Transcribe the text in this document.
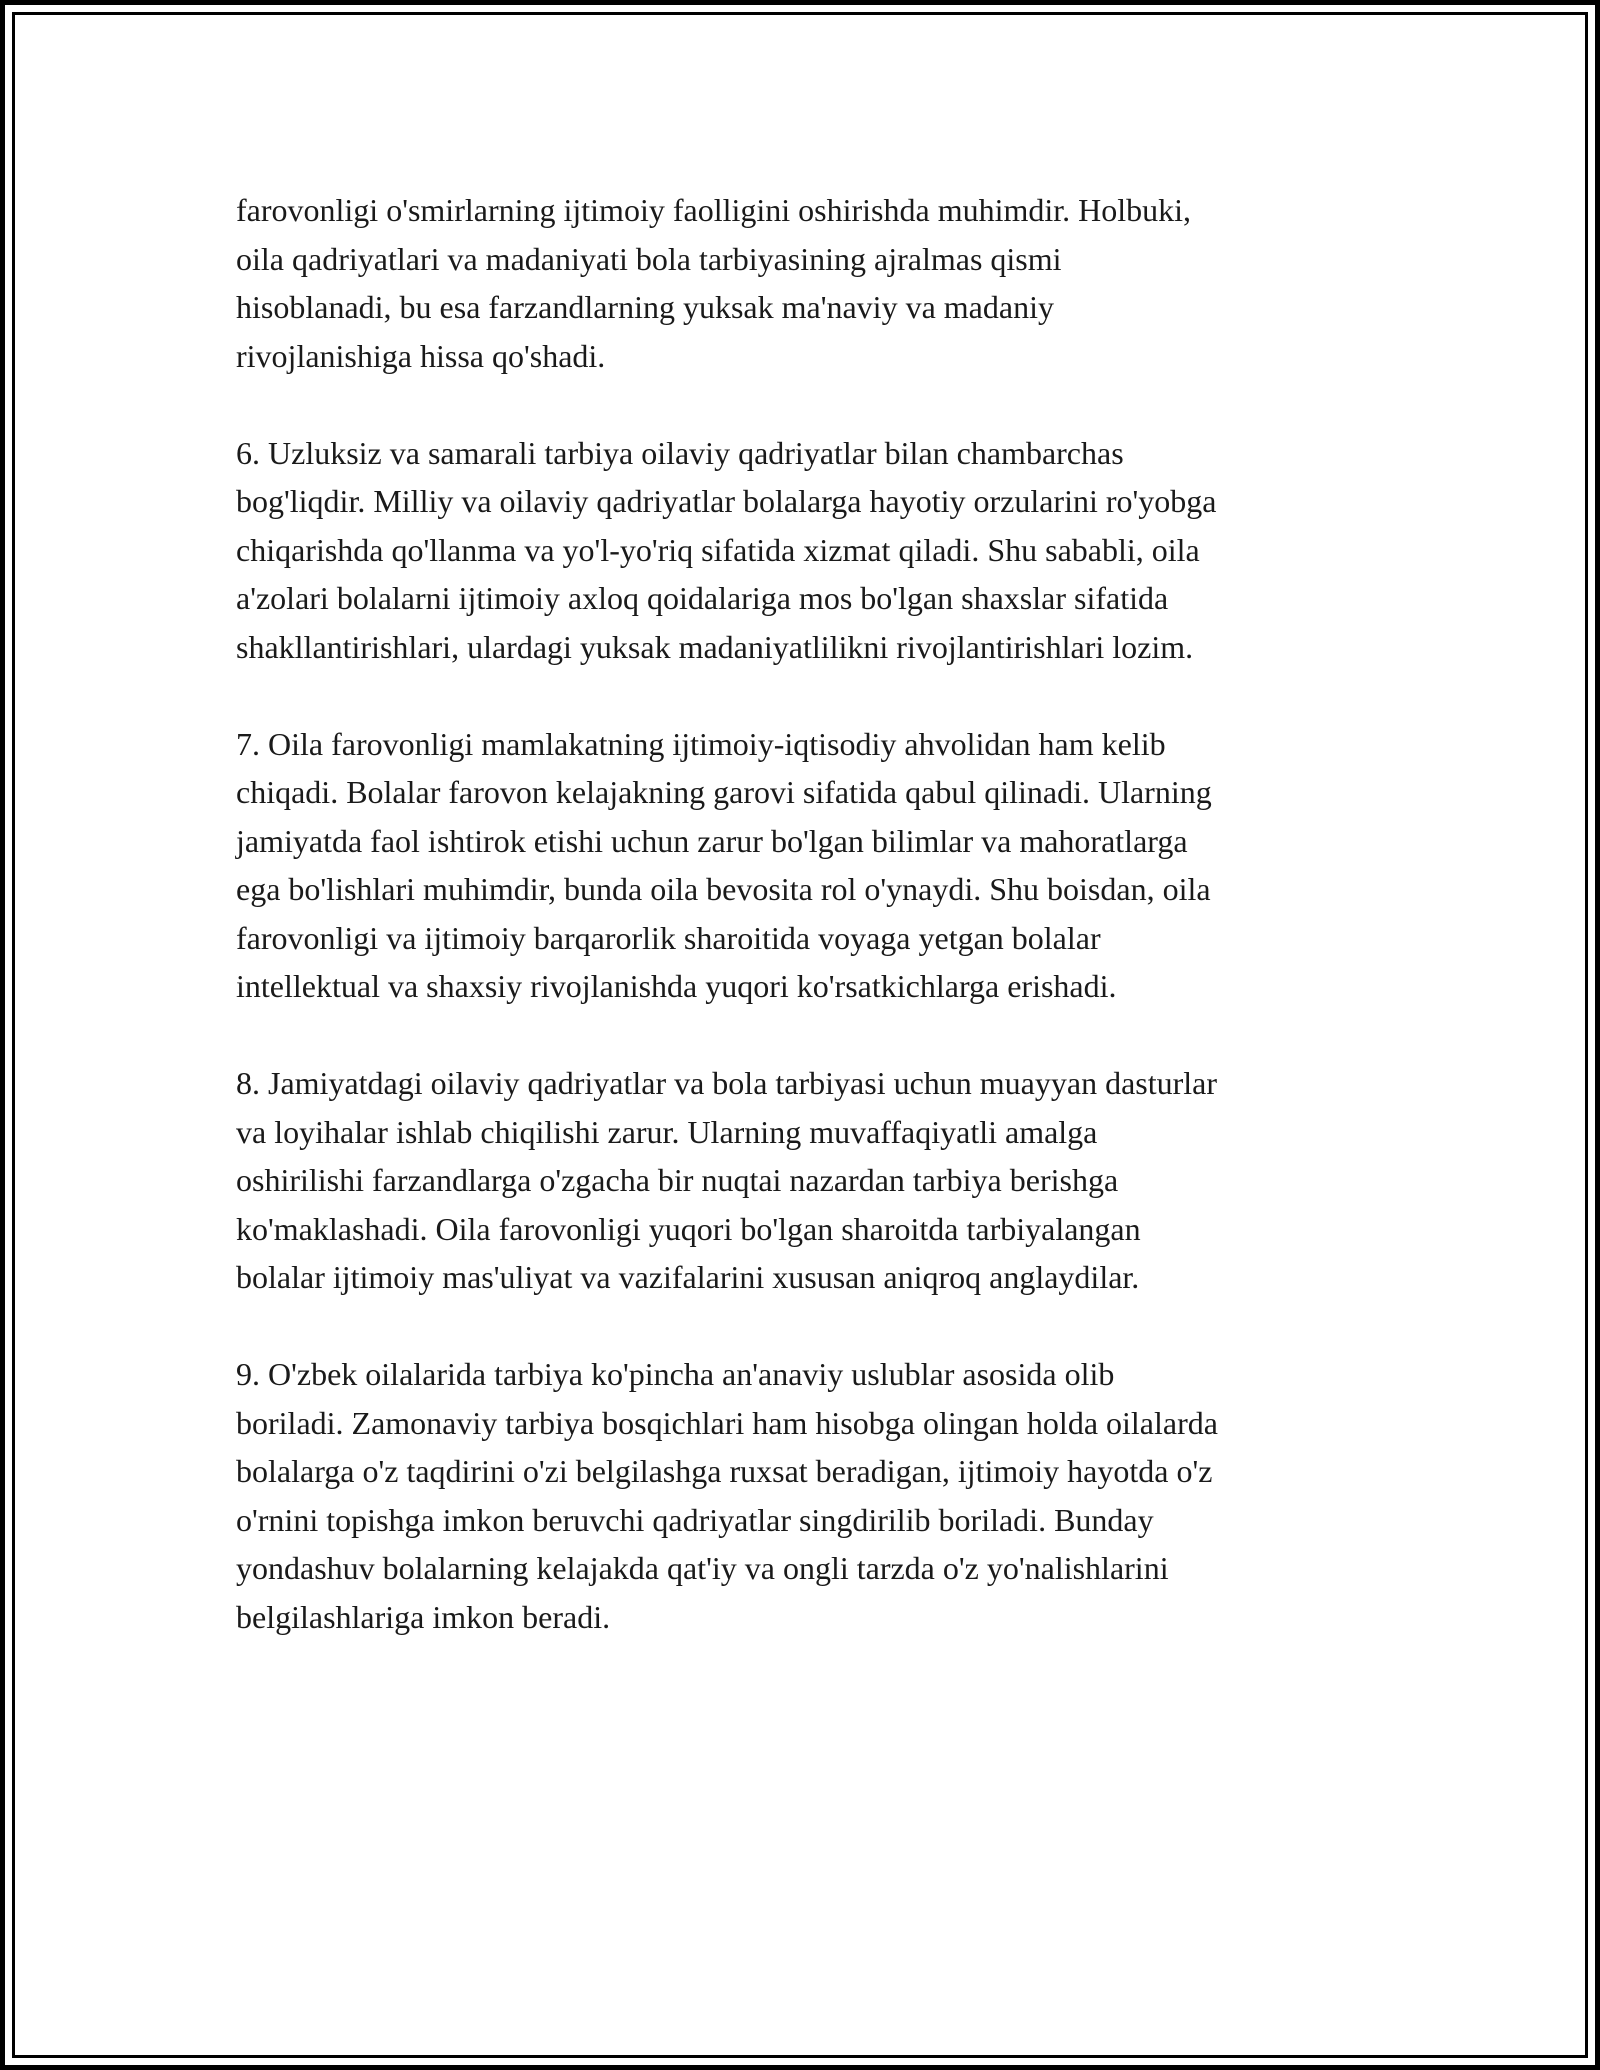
farovonligi o'smirlarning ijtimoiy faolligini oshirishda muhimdir. Holbuki,
oila qadriyatlari va madaniyati bola tarbiyasining ajralmas qismi
hisoblanadi, bu esa farzandlarning yuksak ma'naviy va madaniy
rivojlanishiga hissa qo'shadi.

6. Uzluksiz va samarali tarbiya oilaviy qadriyatlar bilan chambarchas
bog'liqdir. Milliy va oilaviy qadriyatlar bolalarga hayotiy orzularini ro'yobga
chiqarishda qo'llanma va yo'l-yo'riq sifatida xizmat qiladi. Shu sababli, oila
a'zolari bolalarni ijtimoiy axloq qoidalariga mos bo'lgan shaxslar sifatida
shakllantirishlari, ulardagi yuksak madaniyatlilikni rivojlantirishlari lozim.

7. Oila farovonligi mamlakatning ijtimoiy-iqtisodiy ahvolidan ham kelib
chiqadi. Bolalar farovon kelajakning garovi sifatida qabul qilinadi. Ularning
jamiyatda faol ishtirok etishi uchun zarur bo'lgan bilimlar va mahoratlarga
ega bo'lishlari muhimdir, bunda oila bevosita rol o'ynaydi. Shu boisdan, oila
farovonligi va ijtimoiy barqarorlik sharoitida voyaga yetgan bolalar
intellektual va shaxsiy rivojlanishda yuqori ko'rsatkichlarga erishadi.

8. Jamiyatdagi oilaviy qadriyatlar va bola tarbiyasi uchun muayyan dasturlar
va loyihalar ishlab chiqilishi zarur. Ularning muvaffaqiyatli amalga
oshirilishi farzandlarga o'zgacha bir nuqtai nazardan tarbiya berishga
ko'maklashadi. Oila farovonligi yuqori bo'lgan sharoitda tarbiyalangan
bolalar ijtimoiy mas'uliyat va vazifalarini xususan aniqroq anglaydilar.

9. O'zbek oilalarida tarbiya ko'pincha an'anaviy uslublar asosida olib
boriladi. Zamonaviy tarbiya bosqichlari ham hisobga olingan holda oilalarda
bolalarga o'z taqdirini o'zi belgilashga ruxsat beradigan, ijtimoiy hayotda o'z
o'rnini topishga imkon beruvchi qadriyatlar singdirilib boriladi. Bunday
yondashuv bolalarning kelajakda qat'iy va ongli tarzda o'z yo'nalishlarini
belgilashlariga imkon beradi.
